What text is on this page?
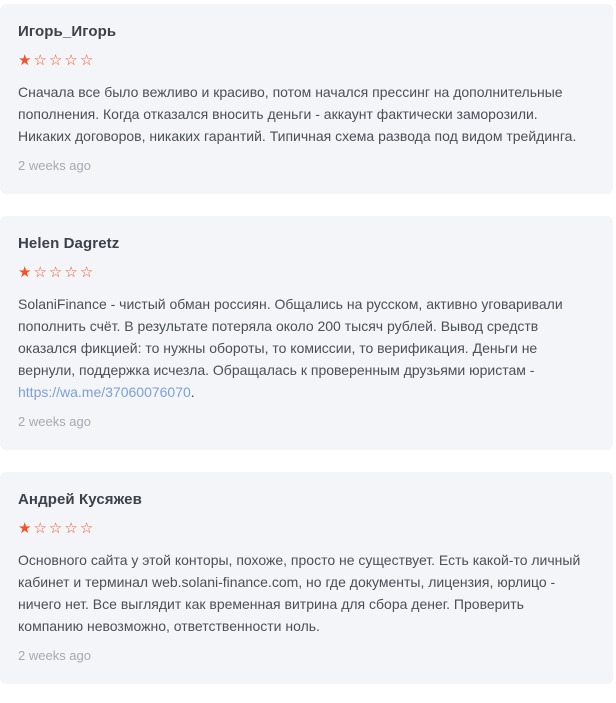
Игорь_Игорь
★☆☆☆☆

Сначала все было вежливо и красиво, потом начался прессинг на дополнительные пополнения. Когда отказался вносить деньги - аккаунт фактически заморозили. Никаких договоров, никаких гарантий. Типичная схема развода под видом трейдинга.

2 weeks ago
Helen Dagretz
★☆☆☆☆

SolaniFinance - чистый обман россиян. Общались на русском, активно уговаривали пополнить счёт. В результате потеряла около 200 тысяч рублей. Вывод средств оказался фикцией: то нужны обороты, то комиссии, то верификация. Деньги не вернули, поддержка исчезла. Обращалась к проверенным друзьями юристам - https://wa.me/37060076070.

2 weeks ago
Андрей Кусяжев
★☆☆☆☆

Основного сайта у этой конторы, похоже, просто не существует. Есть какой-то личный кабинет и терминал web.solani-finance.com, но где документы, лицензия, юрлицо - ничего нет. Все выглядит как временная витрина для сбора денег. Проверить компанию невозможно, ответственности ноль.

2 weeks ago
